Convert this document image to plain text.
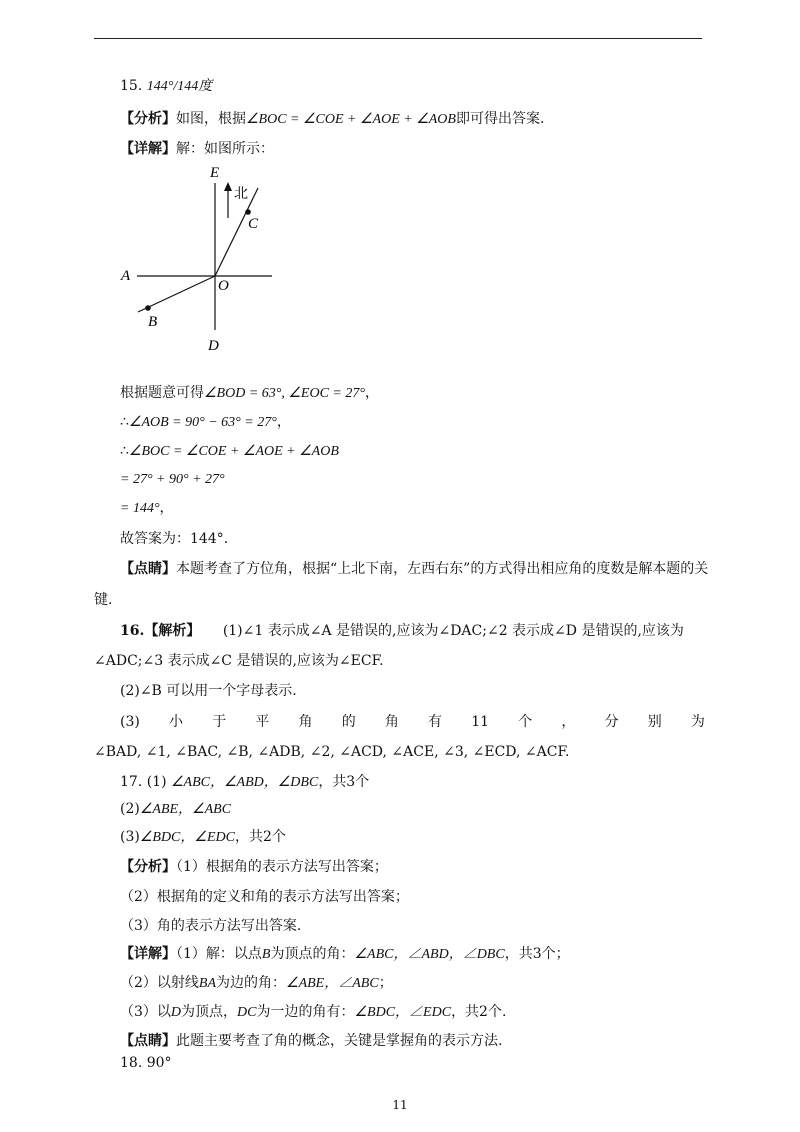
15. 144°/144度
【分析】如图，根据∠BOC = ∠COE + ∠AOE + ∠AOB即可得出答案.
【详解】解：如图所示：
E
北
C
A
O
B
D
根据题意可得∠BOD = 63°, ∠EOC = 27°，
∴∠AOB = 90° − 63° = 27°，
∴∠BOC = ∠COE + ∠AOE + ∠AOB
= 27° + 90° + 27°
= 144°，
故答案为：144°.
【点睛】本题考查了方位角，根据“上北下南，左西右东”的方式得出相应角的度数是解本题的关
键.
16.【解析】 (1)∠1 表示成∠A 是错误的,应该为∠DAC;∠2 表示成∠D 是错误的,应该为
∠ADC;∠3 表示成∠C 是错误的,应该为∠ECF.
(2)∠B 可以用一个字母表示.
(3) 小 于 平 角 的 角 有 11 个 ， 分 别 为
∠BAD, ∠1, ∠BAC, ∠B, ∠ADB, ∠2, ∠ACD, ∠ACE, ∠3, ∠ECD, ∠ACF.
17. (1) ∠ABC，∠ABD，∠DBC，共3个
(2)∠ABE，∠ABC
(3)∠BDC，∠EDC，共2个
【分析】（1）根据角的表示方法写出答案；
（2）根据角的定义和角的表示方法写出答案；
（3）角的表示方法写出答案.
【详解】（1）解：以点B为顶点的角：∠ABC，∠ABD，∠DBC，共3个；
（2）以射线BA为边的角：∠ABE，∠ABC；
（3）以D为顶点，DC为一边的角有：∠BDC，∠EDC，共2个.
【点睛】此题主要考查了角的概念，关键是掌握角的表示方法.
18. 90°
11
